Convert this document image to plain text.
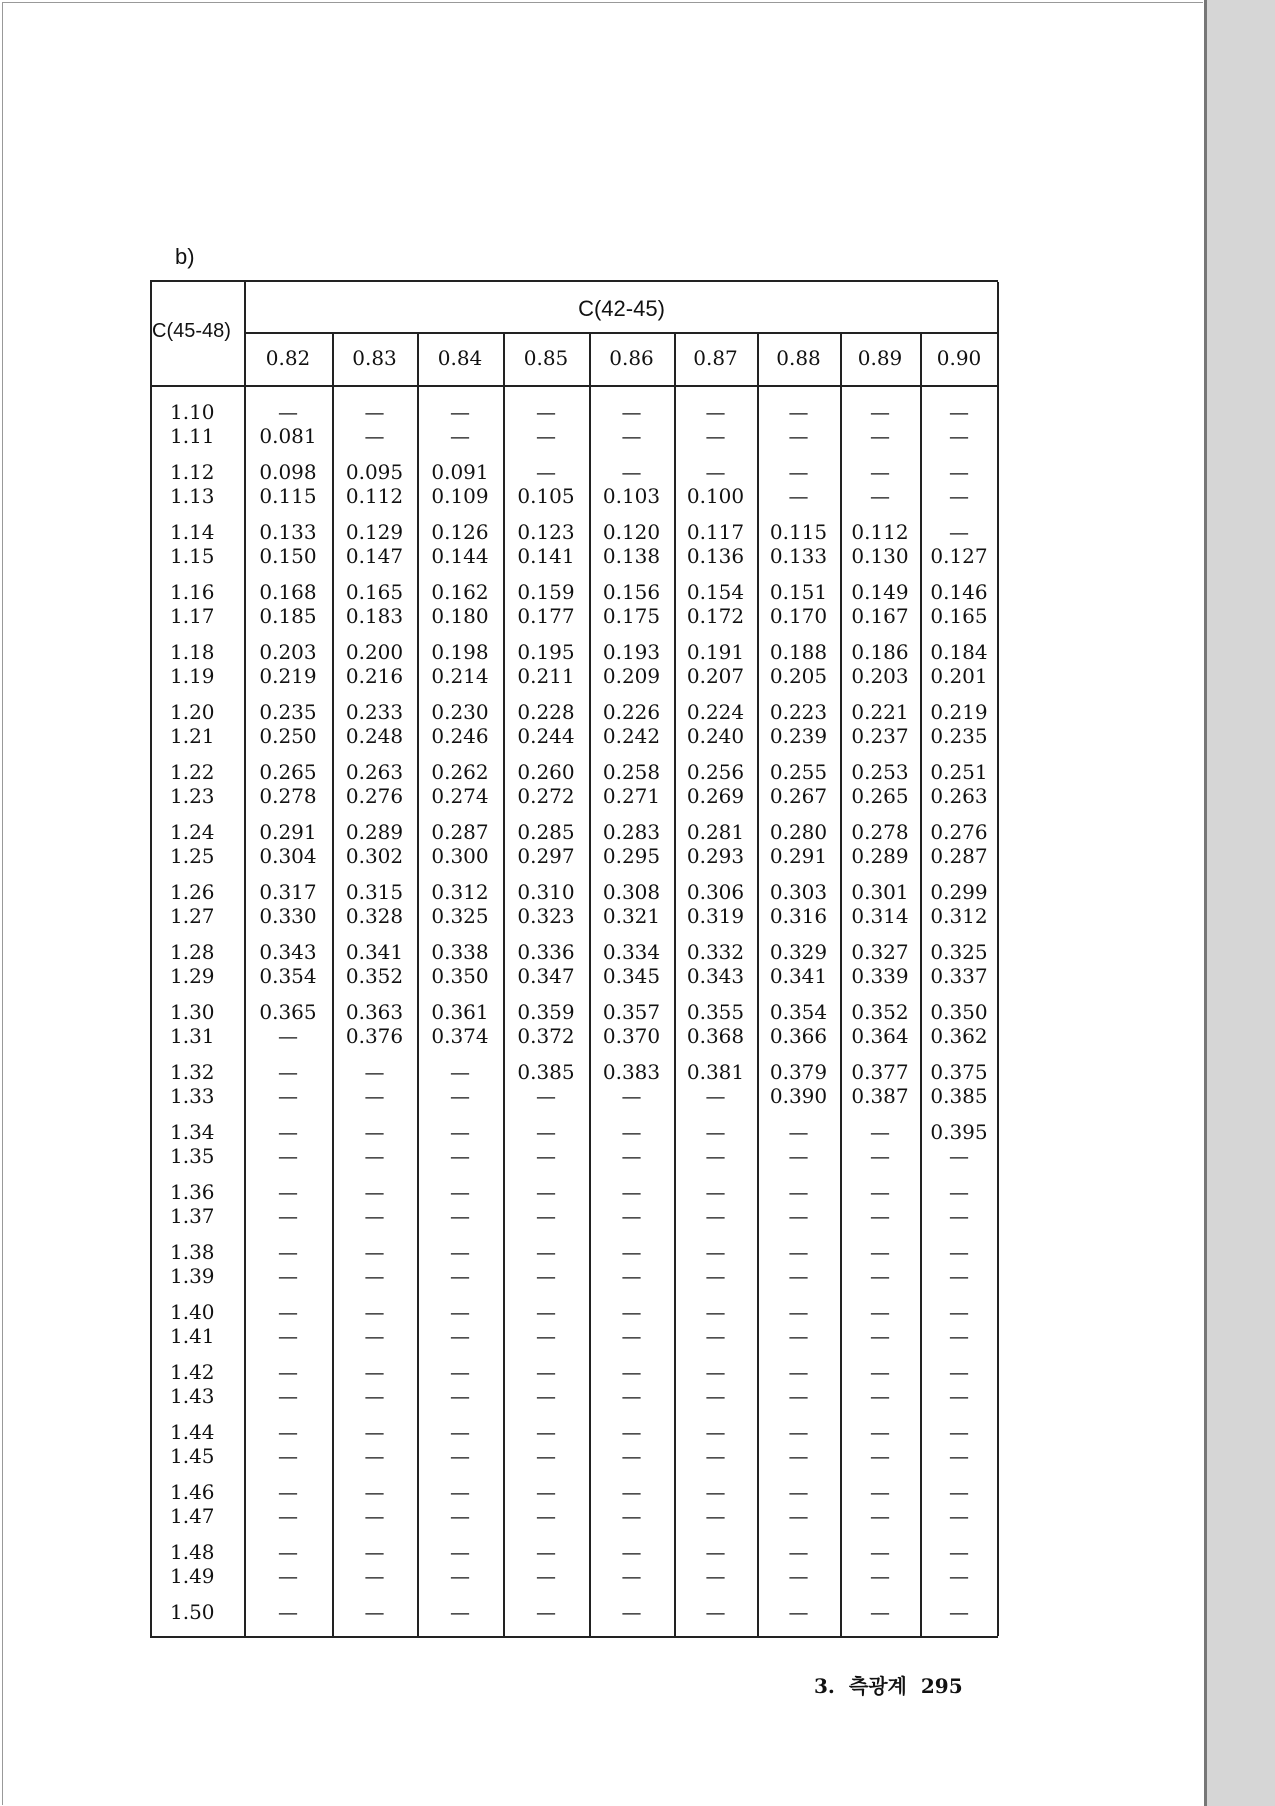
b)
C(42-45)
C(45-48)
0.82	0.83	0.84	0.85	0.86	0.87	0.88	0.89	0.90
1.10	—	—	—	—	—	—	—	—	—
1.11	0.081	—	—	—	—	—	—	—	—
1.12	0.098	0.095	0.091	—	—	—	—	—	—
1.13	0.115	0.112	0.109	0.105	0.103	0.100	—	—	—
1.14	0.133	0.129	0.126	0.123	0.120	0.117	0.115	0.112	—
1.15	0.150	0.147	0.144	0.141	0.138	0.136	0.133	0.130	0.127
1.16	0.168	0.165	0.162	0.159	0.156	0.154	0.151	0.149	0.146
1.17	0.185	0.183	0.180	0.177	0.175	0.172	0.170	0.167	0.165
1.18	0.203	0.200	0.198	0.195	0.193	0.191	0.188	0.186	0.184
1.19	0.219	0.216	0.214	0.211	0.209	0.207	0.205	0.203	0.201
1.20	0.235	0.233	0.230	0.228	0.226	0.224	0.223	0.221	0.219
1.21	0.250	0.248	0.246	0.244	0.242	0.240	0.239	0.237	0.235
1.22	0.265	0.263	0.262	0.260	0.258	0.256	0.255	0.253	0.251
1.23	0.278	0.276	0.274	0.272	0.271	0.269	0.267	0.265	0.263
1.24	0.291	0.289	0.287	0.285	0.283	0.281	0.280	0.278	0.276
1.25	0.304	0.302	0.300	0.297	0.295	0.293	0.291	0.289	0.287
1.26	0.317	0.315	0.312	0.310	0.308	0.306	0.303	0.301	0.299
1.27	0.330	0.328	0.325	0.323	0.321	0.319	0.316	0.314	0.312
1.28	0.343	0.341	0.338	0.336	0.334	0.332	0.329	0.327	0.325
1.29	0.354	0.352	0.350	0.347	0.345	0.343	0.341	0.339	0.337
1.30	0.365	0.363	0.361	0.359	0.357	0.355	0.354	0.352	0.350
1.31	—	0.376	0.374	0.372	0.370	0.368	0.366	0.364	0.362
1.32	—	—	—	0.385	0.383	0.381	0.379	0.377	0.375
1.33	—	—	—	—	—	—	0.390	0.387	0.385
1.34	—	—	—	—	—	—	—	—	0.395
1.35	—	—	—	—	—	—	—	—	—
1.36	—	—	—	—	—	—	—	—	—
1.37	—	—	—	—	—	—	—	—	—
1.38	—	—	—	—	—	—	—	—	—
1.39	—	—	—	—	—	—	—	—	—
1.40	—	—	—	—	—	—	—	—	—
1.41	—	—	—	—	—	—	—	—	—
1.42	—	—	—	—	—	—	—	—	—
1.43	—	—	—	—	—	—	—	—	—
1.44	—	—	—	—	—	—	—	—	—
1.45	—	—	—	—	—	—	—	—	—
1.46	—	—	—	—	—	—	—	—	—
1.47	—	—	—	—	—	—	—	—	—
1.48	—	—	—	—	—	—	—	—	—
1.49	—	—	—	—	—	—	—	—	—
1.50	—	—	—	—	—	—	—	—	—
3. 측광계 295
